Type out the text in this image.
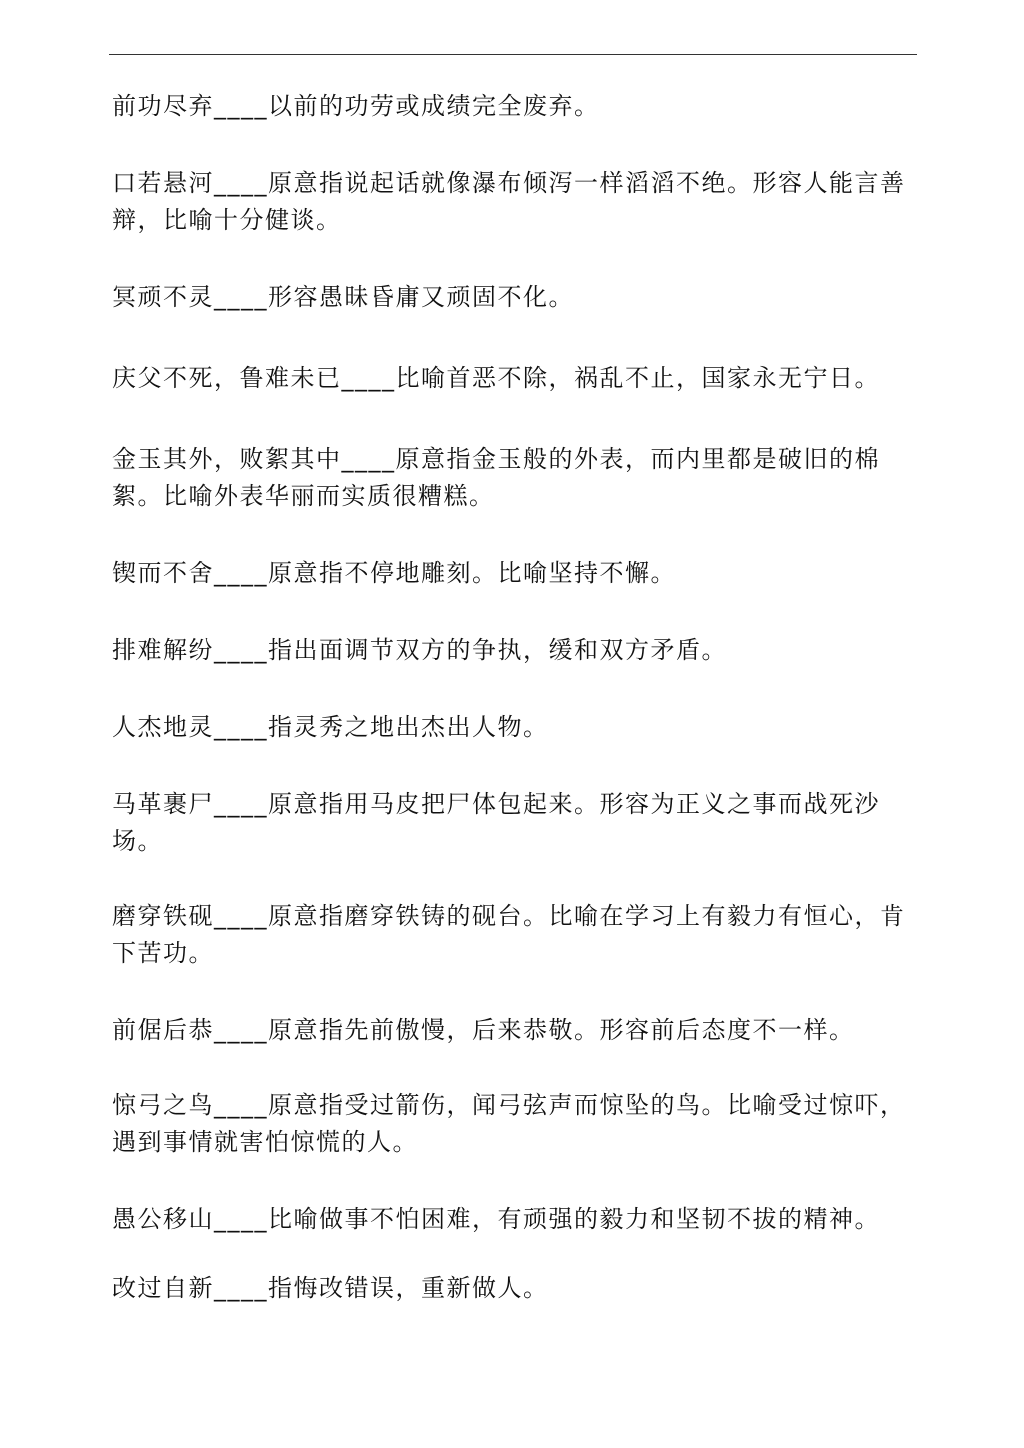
前功尽弃____以前的功劳或成绩完全废弃。

口若悬河____原意指说起话就像瀑布倾泻一样滔滔不绝。形容人能言善辩，比喻十分健谈。

冥顽不灵____形容愚昧昏庸又顽固不化。

庆父不死，鲁难未已____比喻首恶不除，祸乱不止，国家永无宁日。

金玉其外，败絮其中____原意指金玉般的外表，而内里都是破旧的棉絮。比喻外表华丽而实质很糟糕。

锲而不舍____原意指不停地雕刻。比喻坚持不懈。

排难解纷____指出面调节双方的争执，缓和双方矛盾。

人杰地灵____指灵秀之地出杰出人物。

马革裹尸____原意指用马皮把尸体包起来。形容为正义之事而战死沙场。

磨穿铁砚____原意指磨穿铁铸的砚台。比喻在学习上有毅力有恒心，肯下苦功。

前倨后恭____原意指先前傲慢，后来恭敬。形容前后态度不一样。

惊弓之鸟____原意指受过箭伤，闻弓弦声而惊坠的鸟。比喻受过惊吓，遇到事情就害怕惊慌的人。

愚公移山____比喻做事不怕困难，有顽强的毅力和坚韧不拔的精神。

改过自新____指悔改错误，重新做人。
